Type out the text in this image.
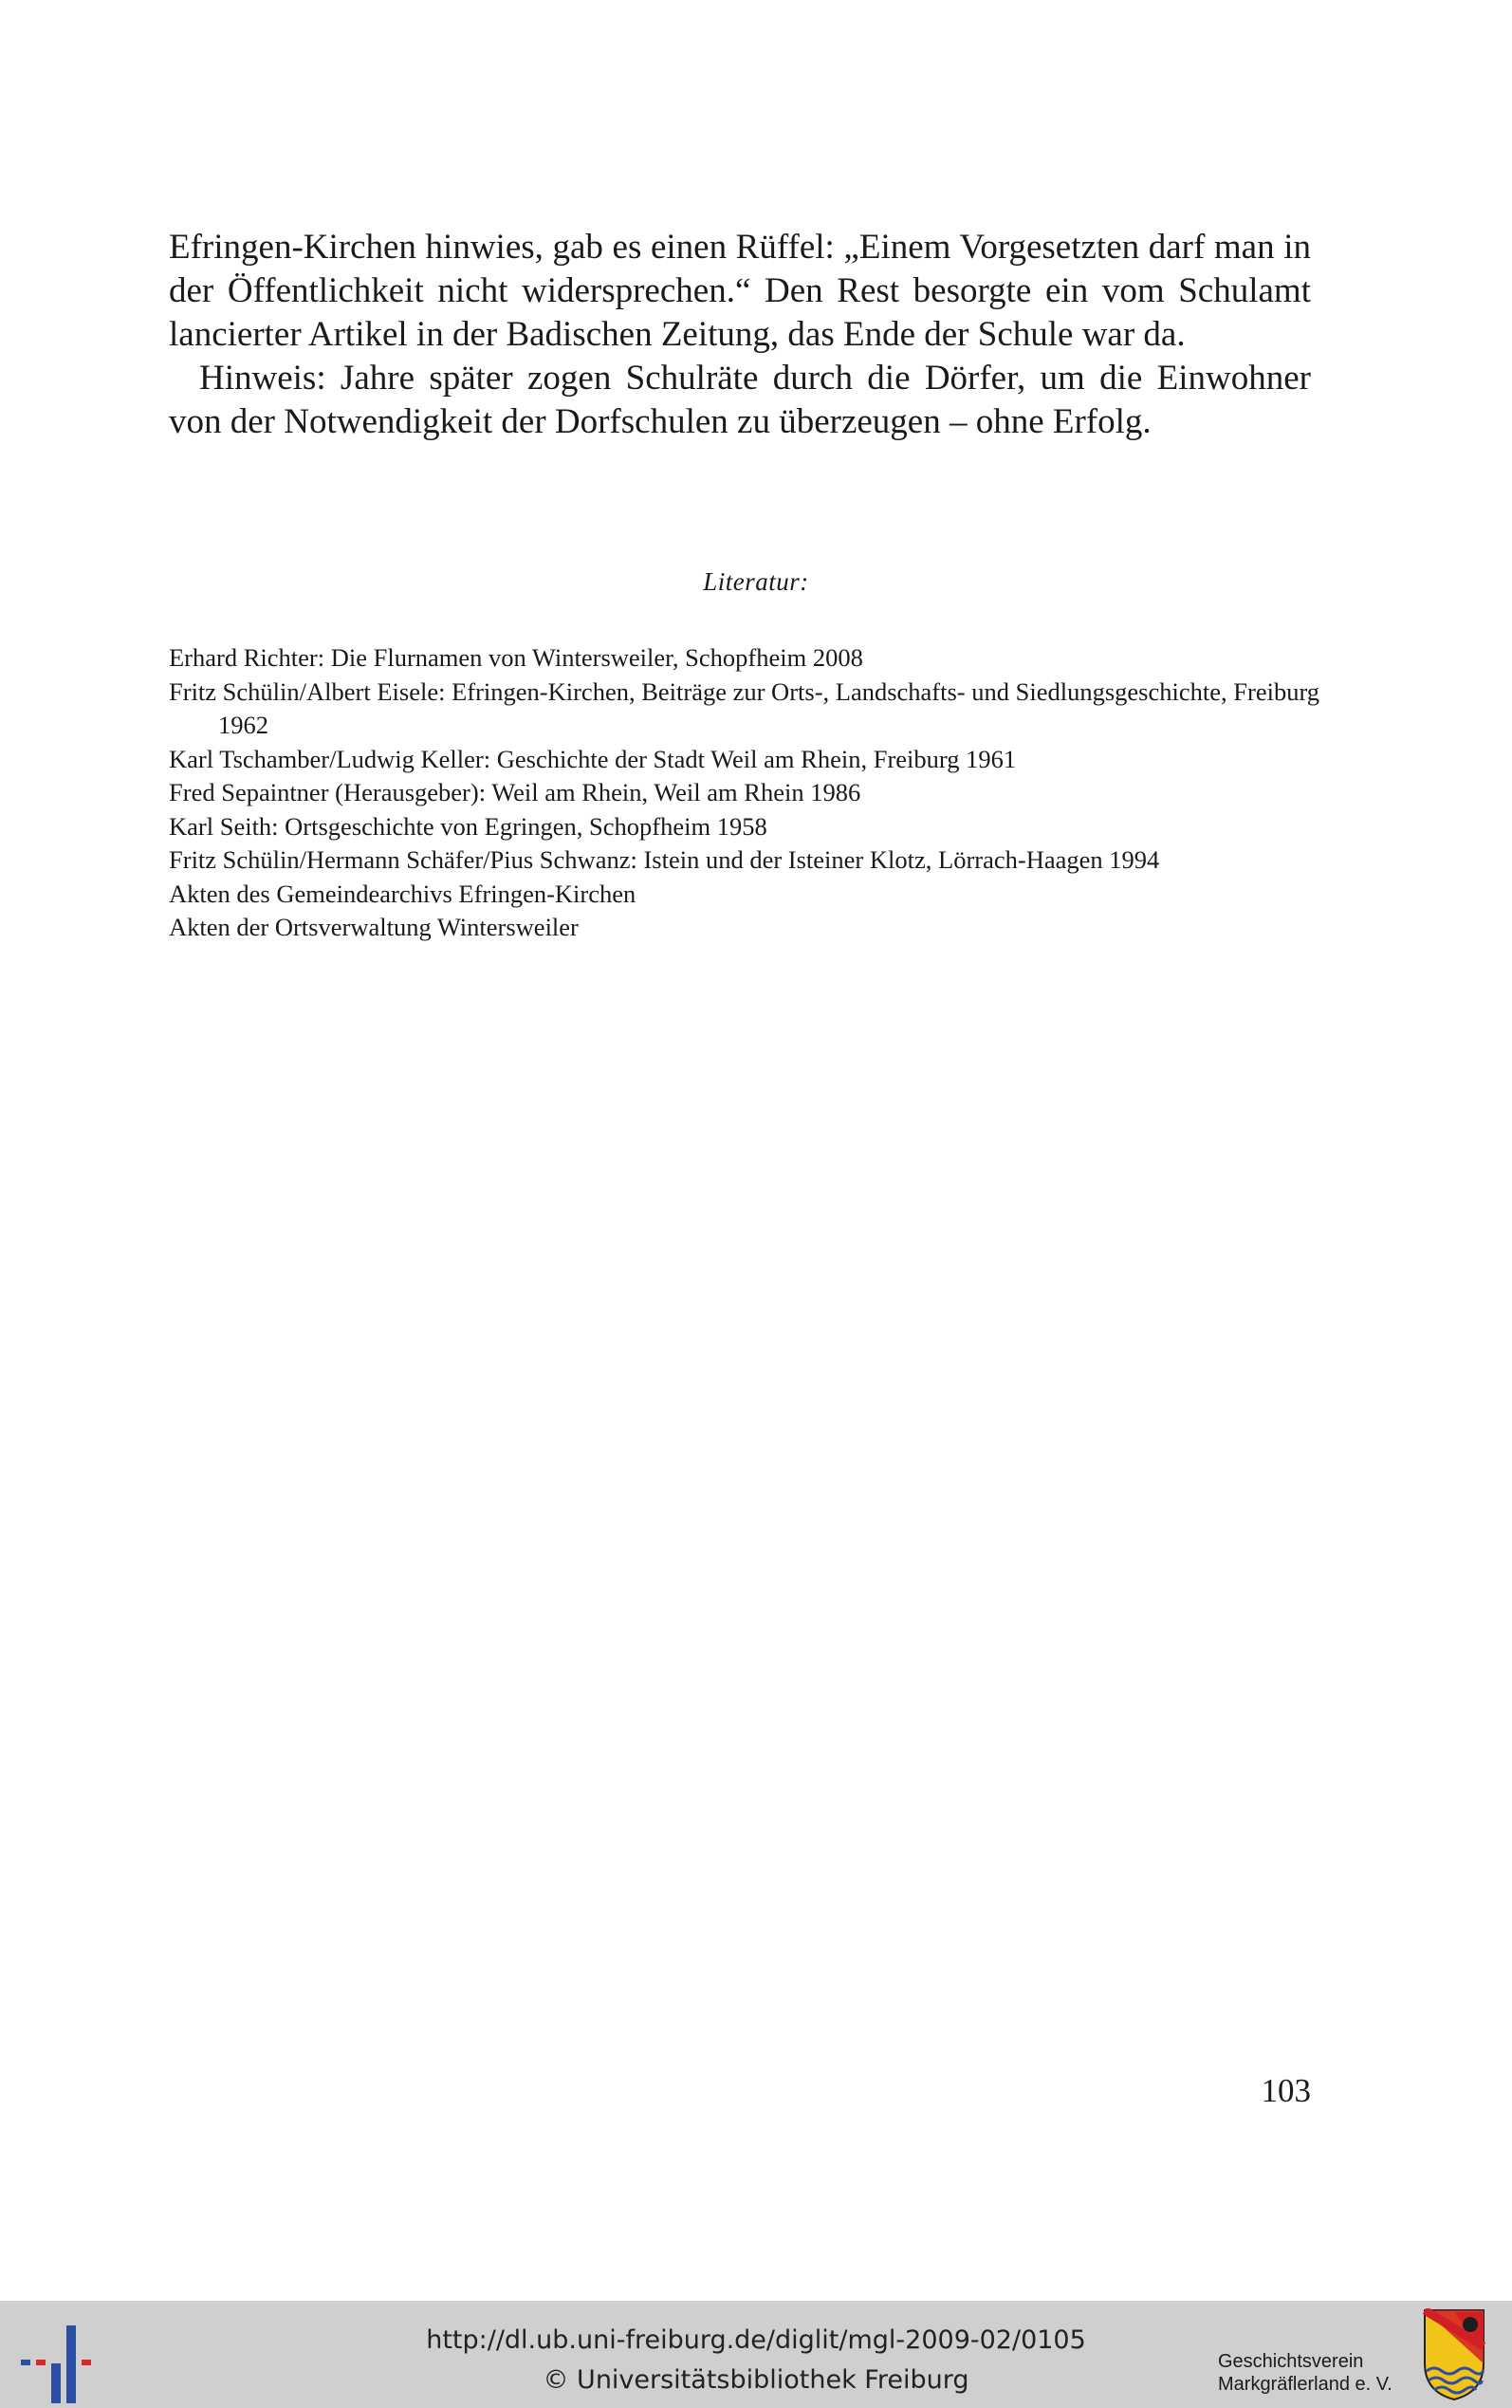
Efringen-Kirchen hinwies, gab es einen Rüffel: „Einem Vorgesetzten darf man in der Öffentlichkeit nicht widersprechen.“ Den Rest besorgte ein vom Schulamt lancierter Artikel in der Badischen Zeitung, das Ende der Schule war da.

Hinweis: Jahre später zogen Schulräte durch die Dörfer, um die Einwohner von der Notwendigkeit der Dorfschulen zu überzeugen – ohne Erfolg.

Literatur:
Erhard Richter: Die Flurnamen von Wintersweiler, Schopfheim 2008
Fritz Schülin/Albert Eisele: Efringen-Kirchen, Beiträge zur Orts-, Landschafts- und Siedlungsgeschichte, Freiburg 1962
Karl Tschamber/Ludwig Keller: Geschichte der Stadt Weil am Rhein, Freiburg 1961
Fred Sepaintner (Herausgeber): Weil am Rhein, Weil am Rhein 1986
Karl Seith: Ortsgeschichte von Egringen, Schopfheim 1958
Fritz Schülin/Hermann Schäfer/Pius Schwanz: Istein und der Isteiner Klotz, Lörrach-Haagen 1994
Akten des Gemeindearchivs Efringen-Kirchen
Akten der Ortsverwaltung Wintersweiler
103
http://dl.ub.uni-freiburg.de/diglit/mgl-2009-02/0105
© Universitätsbibliothek Freiburg
Geschichtsverein
Markgräflerland e. V.
